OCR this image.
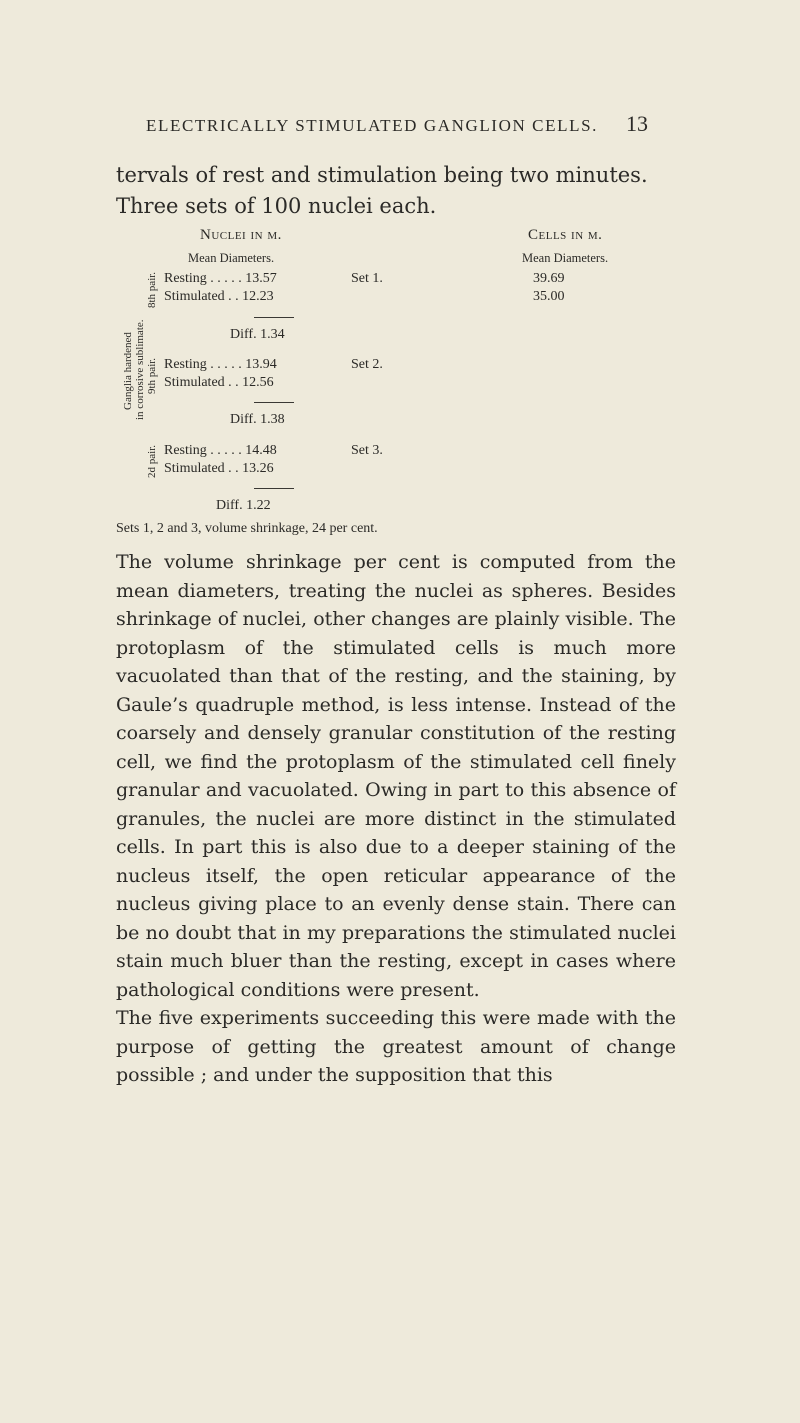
ELECTRICALLY STIMULATED GANGLION CELLS.	13

tervals of rest and stimulation being two minutes.

Three sets of 100 nuclei each.

Nuclei in μ.
Mean Diameters.
Cells in μ.
Mean Diameters.
Ganglia hardened in corrosive sublimate.
8th pair.
9th pair.
2d pair.
Resting . . . . . 13.57
Stimulated . . 12.23
Set 1.	39.69
35.00
Diff. 1.34
Resting . . . . . 13.94
Stimulated . . 12.56
Set 2.
Diff. 1.38
Resting . . . . . 14.48
Stimulated . . 13.26
Set 3.
Diff. 1.22
Sets 1, 2 and 3, volume shrinkage, 24 per cent.

The volume shrinkage per cent is computed from the mean diameters, treating the nuclei as spheres. Besides shrinkage of nuclei, other changes are plainly visible. The protoplasm of the stimulated cells is much more vacuolated than that of the resting, and the staining, by Gaule’s quadruple method, is less intense. Instead of the coarsely and densely granular constitution of the resting cell, we find the protoplasm of the stimulated cell finely granular and vacuolated. Owing in part to this absence of granules, the nuclei are more distinct in the stimulated cells. In part this is also due to a deeper staining of the nucleus itself, the open reticular appearance of the nucleus giving place to an evenly dense stain. There can be no doubt that in my preparations the stimulated nuclei stain much bluer than the resting, except in cases where pathological conditions were present.

The five experiments succeeding this were made with the purpose of getting the greatest amount of change possible ; and under the supposition that this
